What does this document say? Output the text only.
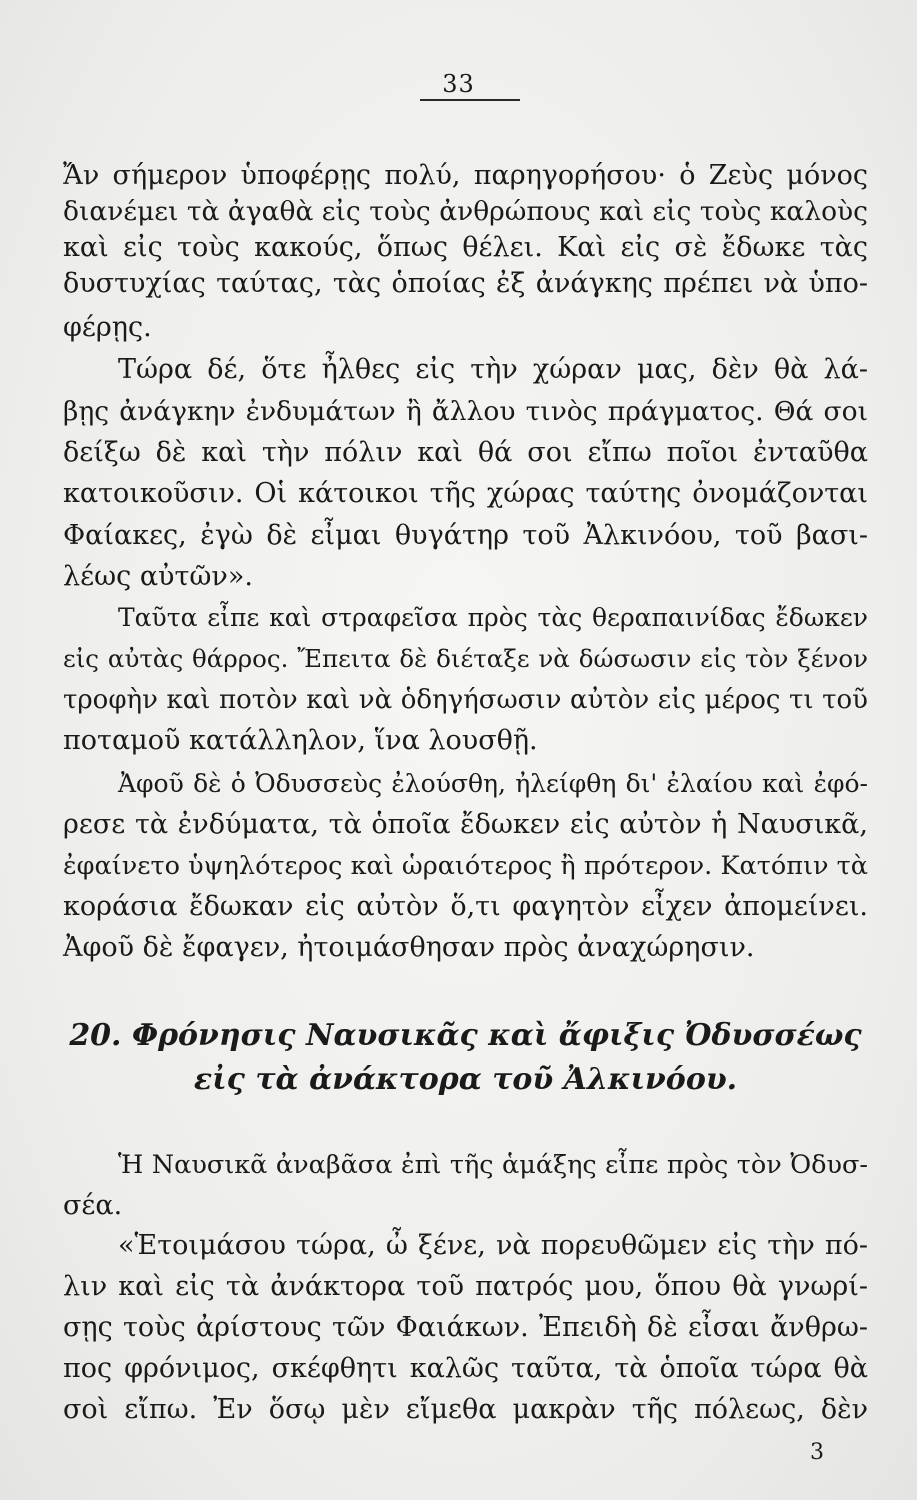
33
Ἄν σήμερον ὑποφέρῃς πολύ, παρηγορήσου· ὁ Ζεὺς μόνος
διανέμει τὰ ἀγαθὰ εἰς τοὺς ἀνθρώπους καὶ εἰς τοὺς καλοὺς
καὶ εἰς τοὺς κακούς, ὅπως θέλει. Καὶ εἰς σὲ ἔδωκε τὰς
δυστυχίας ταύτας, τὰς ὁποίας ἐξ ἀνάγκης πρέπει νὰ ὑπο-
φέρῃς.
Τώρα δέ, ὅτε ἦλθες εἰς τὴν χώραν μας, δὲν θὰ λά-
βῃς ἀνάγκην ἐνδυμάτων ἢ ἄλλου τινὸς πράγματος. Θά σοι
δείξω δὲ καὶ τὴν πόλιν καὶ θά σοι εἴπω ποῖοι ἐνταῦθα
κατοικοῦσιν. Οἱ κάτοικοι τῆς χώρας ταύτης ὀνομάζονται
Φαίακες, ἐγὼ δὲ εἶμαι θυγάτηρ τοῦ Ἀλκινόου, τοῦ βασι-
λέως αὐτῶν».
Ταῦτα εἶπε καὶ στραφεῖσα πρὸς τὰς θεραπαινίδας ἔδωκεν
εἰς αὐτὰς θάρρος. Ἔπειτα δὲ διέταξε νὰ δώσωσιν εἰς τὸν ξένον
τροφὴν καὶ ποτὸν καὶ νὰ ὁδηγήσωσιν αὐτὸν εἰς μέρος τι τοῦ
ποταμοῦ κατάλληλον, ἵνα λουσθῇ.
Ἀφοῦ δὲ ὁ Ὀδυσσεὺς ἐλούσθη, ἠλείφθη δι' ἐλαίου καὶ ἐφό-
ρεσε τὰ ἐνδύματα, τὰ ὁποῖα ἔδωκεν εἰς αὐτὸν ἡ Ναυσικᾶ,
ἐφαίνετο ὑψηλότερος καὶ ὡραιότερος ἢ πρότερον. Κατόπιν τὰ
κοράσια ἔδωκαν εἰς αὐτὸν ὅ,τι φαγητὸν εἶχεν ἀπομείνει.
Ἀφοῦ δὲ ἔφαγεν, ἠτοιμάσθησαν πρὸς ἀναχώρησιν.
20. Φρόνησις Ναυσικᾶς καὶ ἄφιξις Ὀδυσσέως
εἰς τὰ ἀνάκτορα τοῦ Ἀλκινόου.
Ἡ Ναυσικᾶ ἀναβᾶσα ἐπὶ τῆς ἁμάξης εἶπε πρὸς τὸν Ὀδυσ-
σέα.
«Ἑτοιμάσου τώρα, ὦ ξένε, νὰ πορευθῶμεν εἰς τὴν πό-
λιν καὶ εἰς τὰ ἀνάκτορα τοῦ πατρός μου, ὅπου θὰ γνωρί-
σῃς τοὺς ἀρίστους τῶν Φαιάκων. Ἐπειδὴ δὲ εἶσαι ἄνθρω-
πος φρόνιμος, σκέφθητι καλῶς ταῦτα, τὰ ὁποῖα τώρα θὰ
σοὶ εἴπω. Ἐν ὅσῳ μὲν εἴμεθα μακρὰν τῆς πόλεως, δὲν
3
